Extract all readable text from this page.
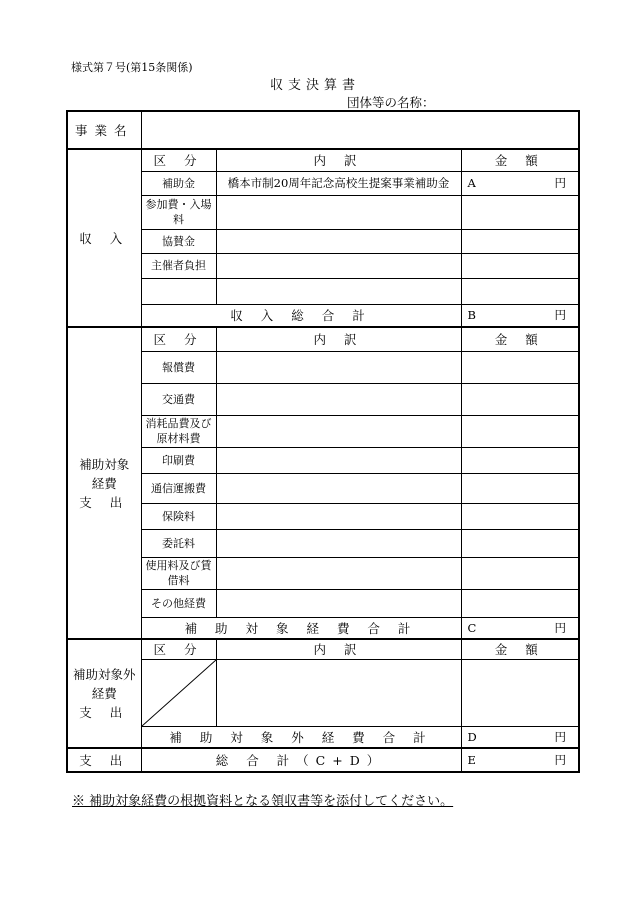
様式第７号(第15条関係)
収支決算書
団体等の名称：
事業名			
収 入	区 分	内 訳	金 額
	補助金	橋本市制20周年記念高校生提案事業補助金	A 円

	参加費・入場料		
	協賛金		
	主催者負担		

	収 入 総 合 計		B 円

補助対象
経費
支 出	区 分	内 訳	金 額
	報償費		
	交通費		
	消耗品費及び原材料費		
	印刷費		
	通信運搬費		
	保険料		
	委託料		
	使用料及び賃借料		
	その他経費		
	補 助 対 象 経 費 合 計		C 円

補助対象外
経費
支 出	区 分	内 訳	金 額

	補 助 対 象 外 経 費 合 計		D 円

支 出	総 合 計（C+D）		E 円
※ 補助対象経費の根拠資料となる領収書等を添付してください。
